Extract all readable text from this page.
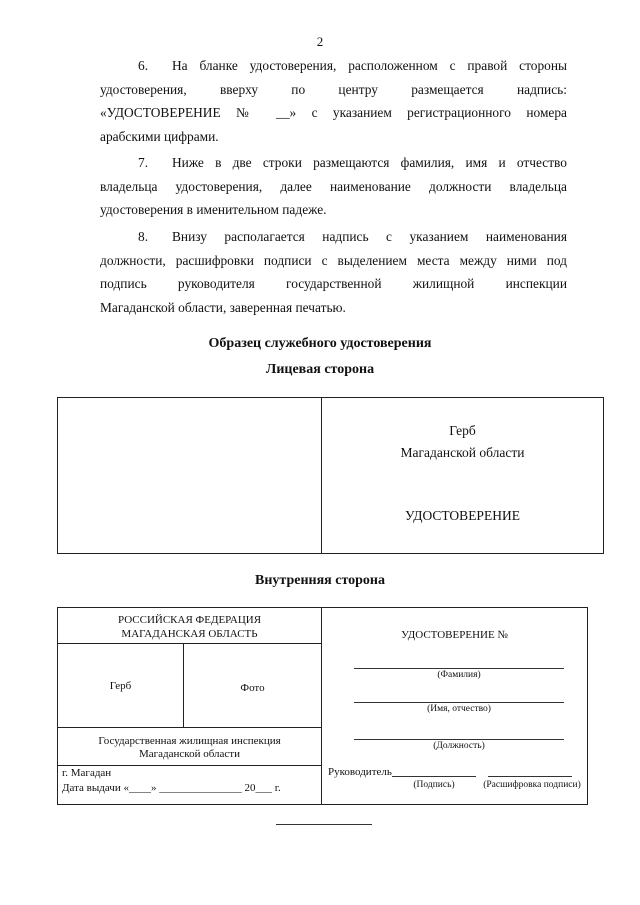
2
6.	На бланке удостоверения, расположенном с правой стороны
удостоверения, вверху по центру размещается надпись:
«УДОСТОВЕРЕНИЕ № __» с указанием регистрационного номера
арабскими цифрами.
7.	Ниже в две строки размещаются фамилия, имя и отчество
владельца удостоверения, далее наименование должности владельца
удостоверения в именительном падеже.
8.	Внизу располагается надпись с указанием наименования
должности, расшифровки подписи с выделением места между ними под
подпись руководителя государственной жилищной инспекции
Магаданской области, заверенная печатью.
Образец служебного удостоверения
Лицевая сторона
Герб
Магаданской области
УДОСТОВЕРЕНИЕ
Внутренняя сторона
РОССИЙСКАЯ ФЕДЕРАЦИЯ
МАГАДАНСКАЯ ОБЛАСТЬ
Герб	Фото
Государственная жилищная инспекция
Магаданской области
г. Магадан
Дата выдачи «____» _______________ 20___ г.
УДОСТОВЕРЕНИЕ №
(Фамилия)
(Имя, отчество)
(Должность)
Руководитель
(Подпись)	(Расшифровка подписи)
